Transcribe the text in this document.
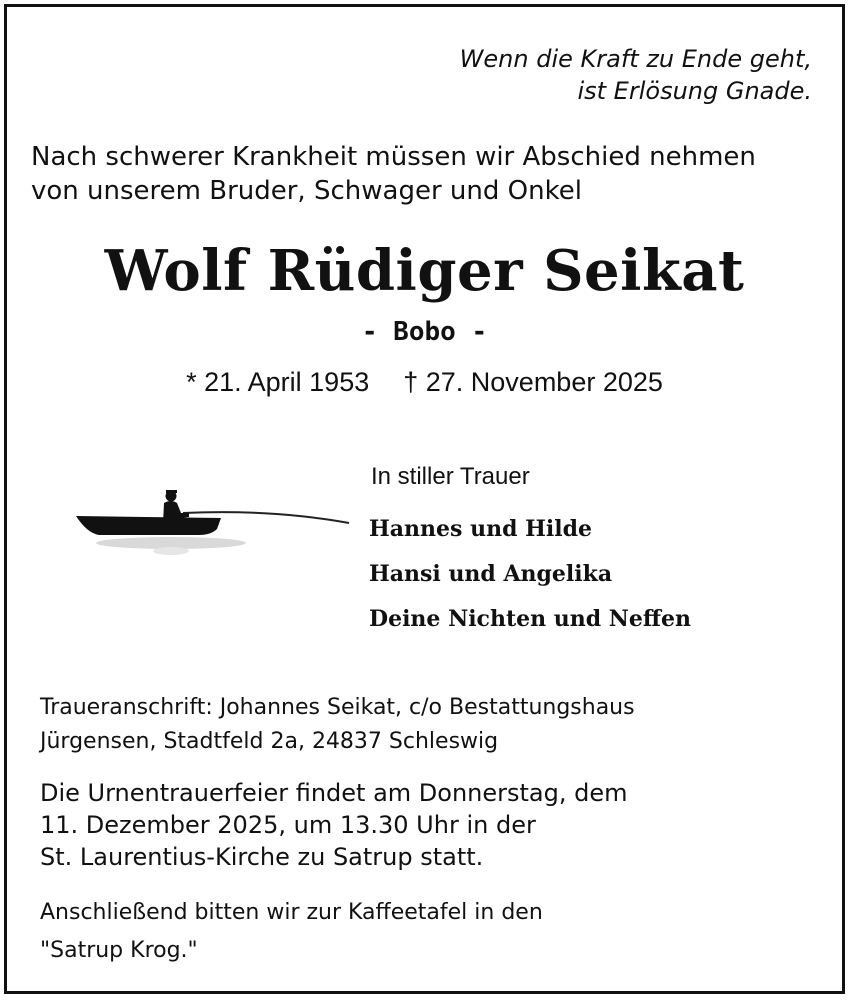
Wenn die Kraft zu Ende geht,
ist Erlösung Gnade.
Nach schwerer Krankheit müssen wir Abschied nehmen
von unserem Bruder, Schwager und Onkel
Wolf Rüdiger Seikat
- Bobo -
* 21. April 1953 † 27. November 2025
In stiller Trauer
Hannes und Hilde
Hansi und Angelika
Deine Nichten und Neffen
Traueranschrift: Johannes Seikat, c/o Bestattungshaus
Jürgensen, Stadtfeld 2a, 24837 Schleswig
Die Urnentrauerfeier findet am Donnerstag, dem
11. Dezember 2025, um 13.30 Uhr in der
St. Laurentius-Kirche zu Satrup statt.
Anschließend bitten wir zur Kaffeetafel in den
"Satrup Krog."
